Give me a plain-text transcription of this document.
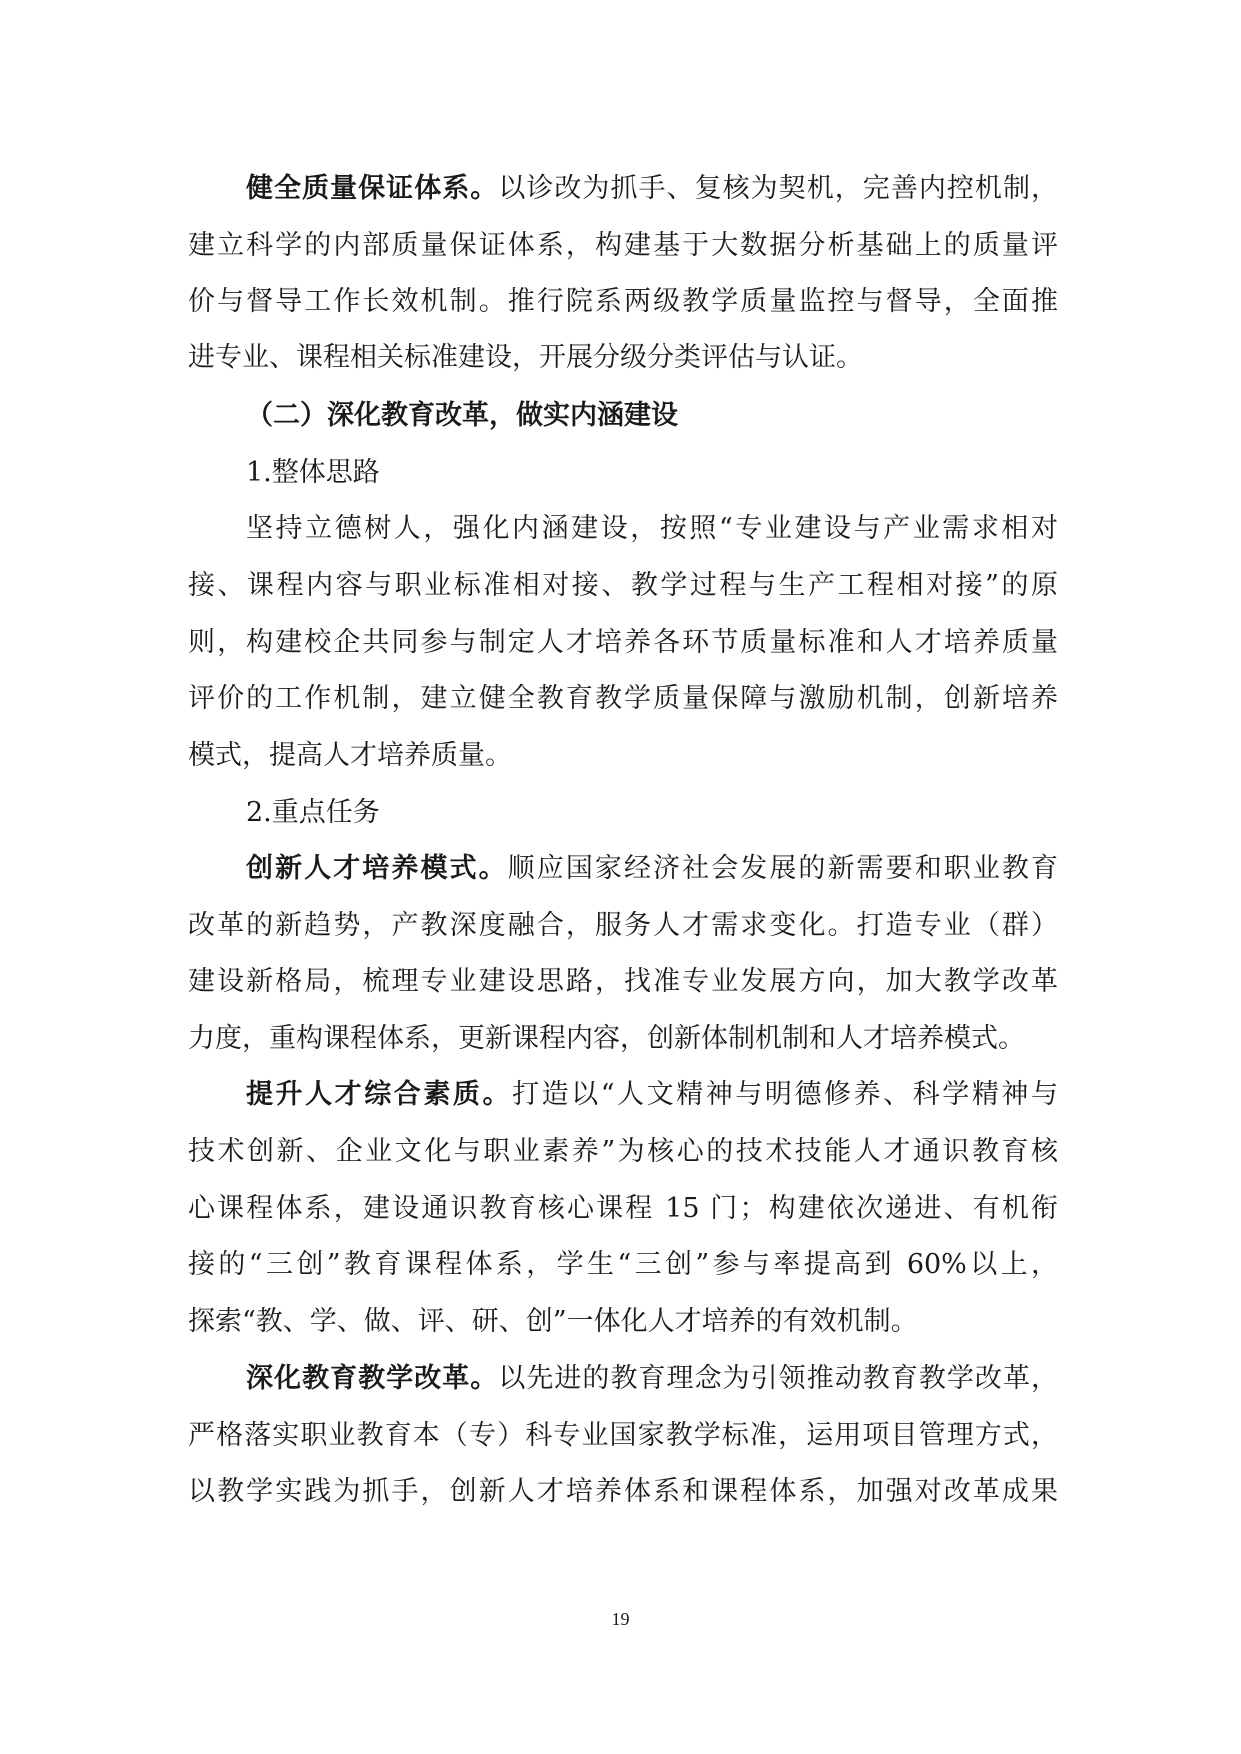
健全质量保证体系。以诊改为抓手、复核为契机，完善内控机制，
建立科学的内部质量保证体系，构建基于大数据分析基础上的质量评
价与督导工作长效机制。推行院系两级教学质量监控与督导，全面推
进专业、课程相关标准建设，开展分级分类评估与认证。
（二）深化教育改革，做实内涵建设
1.整体思路
坚持立德树人，强化内涵建设，按照“专业建设与产业需求相对
接、课程内容与职业标准相对接、教学过程与生产工程相对接”的原
则，构建校企共同参与制定人才培养各环节质量标准和人才培养质量
评价的工作机制，建立健全教育教学质量保障与激励机制，创新培养
模式，提高人才培养质量。
2.重点任务
创新人才培养模式。顺应国家经济社会发展的新需要和职业教育
改革的新趋势，产教深度融合，服务人才需求变化。打造专业（群）
建设新格局，梳理专业建设思路，找准专业发展方向，加大教学改革
力度，重构课程体系，更新课程内容，创新体制机制和人才培养模式。
提升人才综合素质。打造以“人文精神与明德修养、科学精神与
技术创新、企业文化与职业素养”为核心的技术技能人才通识教育核
心课程体系，建设通识教育核心课程 15 门；构建依次递进、有机衔
接的“三创”教育课程体系，学生“三创”参与率提高到 60%以上，
探索“教、学、做、评、研、创”一体化人才培养的有效机制。
深化教育教学改革。以先进的教育理念为引领推动教育教学改革，
严格落实职业教育本（专）科专业国家教学标准，运用项目管理方式，
以教学实践为抓手，创新人才培养体系和课程体系，加强对改革成果
19
